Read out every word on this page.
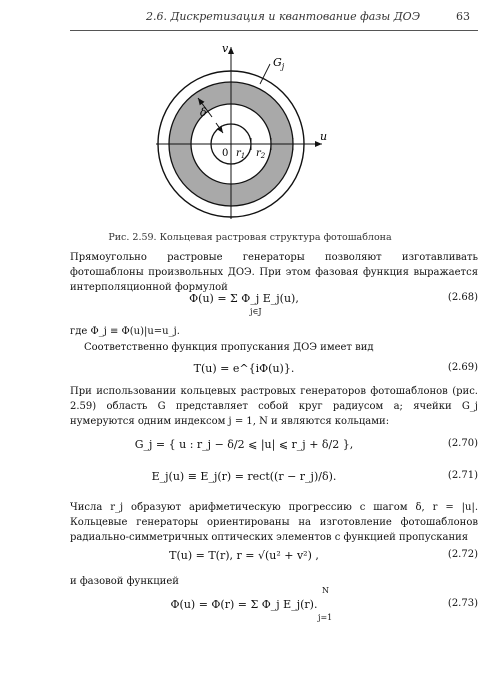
2.6. Дискретизация и квантование фазы ДОЭ	63
v
u
$G_j$
δ
0 $r_1$ $r_2$
Рис. 2.59. Кольцевая растровая структура фотошаблона
Прямоугольно растровые генераторы позволяют изготавливать фотошаблоны произвольных ДОЭ. При этом фазовая функция выражается интерполяционной формулой
Φ(u) = Σ Φ_j E_j(u),
j∈J
(2.68)
где Φ_j ≡ Φ(u)|u=u_j.
Соответственно функция пропускания ДОЭ имеет вид
T(u) = e^{iΦ(u)}.	(2.69)
При использовании кольцевых растровых генераторов фотошаблонов (рис. 2.59) область G представляет собой круг радиусом a; ячейки G_j нумеруются одним индексом j = 1, N и являются кольцами:
G_j = { u : r_j − δ/2 ⩽ |u| ⩽ r_j + δ/2 },	(2.70)
E_j(u) ≡ E_j(r) = rect((r − r_j)/δ).	(2.71)
Числа r_j образуют арифметическую прогрессию с шагом δ, r = |u|. Кольцевые генераторы ориентированы на изготовление фотошаблонов радиально-симметричных оптических элементов с функцией пропускания
T(u) = T(r), r = √(u² + v²) ,	(2.72)
и фазовой функцией
N
Φ(u) = Φ(r) = Σ Φ_j E_j(r).
j=1
(2.73)
